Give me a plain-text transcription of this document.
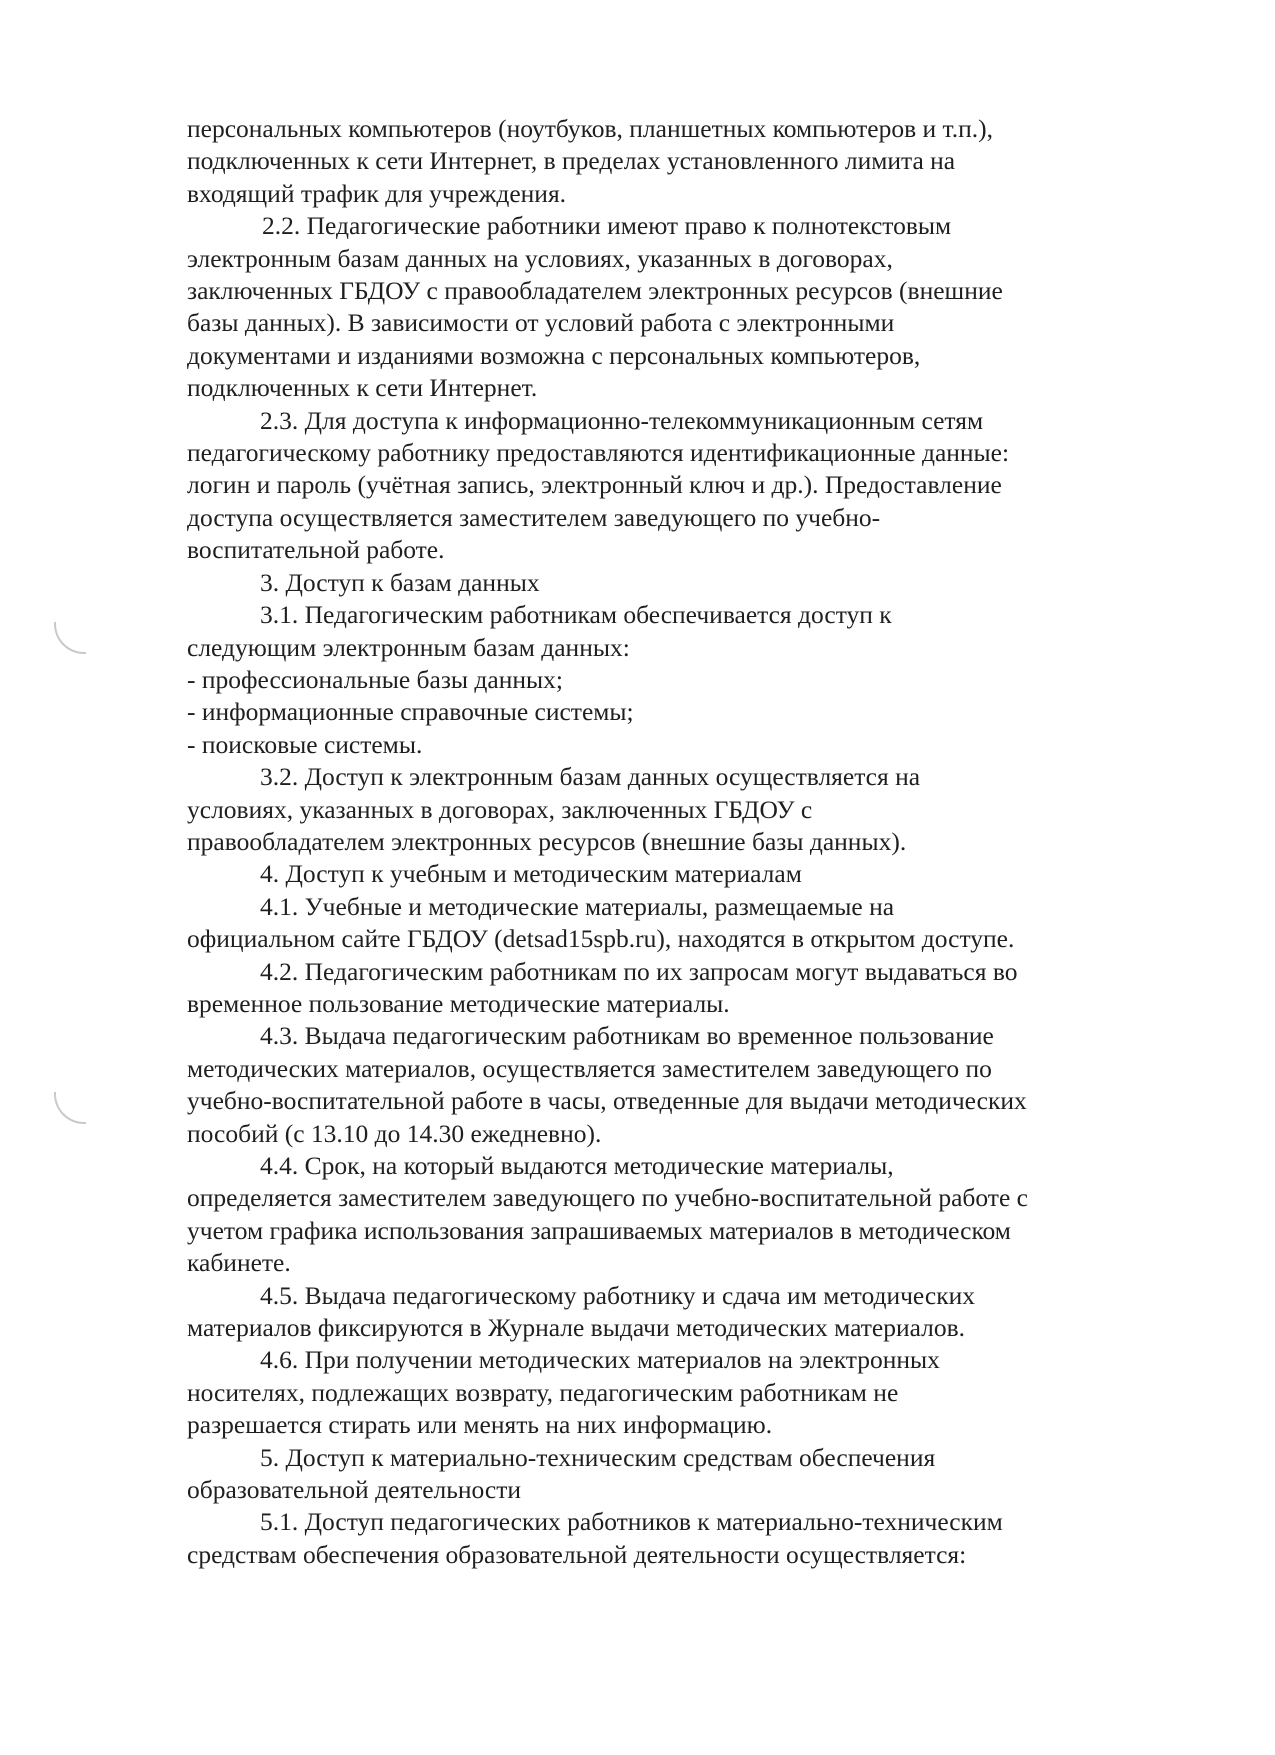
персональных компьютеров (ноутбуков, планшетных компьютеров и т.п.),
подключенных к сети Интернет, в пределах установленного лимита на
входящий трафик для учреждения.
2.2. Педагогические работники имеют право к полнотекстовым
электронным базам данных на условиях, указанных в договорах,
заключенных ГБДОУ с правообладателем электронных ресурсов (внешние
базы данных). В зависимости от условий работа с электронными
документами и изданиями возможна с персональных компьютеров,
подключенных к сети Интернет.
2.3. Для доступа к информационно-телекоммуникационным сетям
педагогическому работнику предоставляются идентификационные данные:
логин и пароль (учётная запись, электронный ключ и др.). Предоставление
доступа осуществляется заместителем заведующего по учебно-
воспитательной работе.
3. Доступ к базам данных
3.1. Педагогическим работникам обеспечивается доступ к
следующим электронным базам данных:
- профессиональные базы данных;
- информационные справочные системы;
- поисковые системы.
3.2. Доступ к электронным базам данных осуществляется на
условиях, указанных в договорах, заключенных ГБДОУ с
правообладателем электронных ресурсов (внешние базы данных).
4. Доступ к учебным и методическим материалам
4.1. Учебные и методические материалы, размещаемые на
официальном сайте ГБДОУ (detsad15spb.ru), находятся в открытом доступе.
4.2. Педагогическим работникам по их запросам могут выдаваться во
временное пользование методические материалы.
4.3. Выдача педагогическим работникам во временное пользование
методических материалов, осуществляется заместителем заведующего по
учебно-воспитательной работе в часы, отведенные для выдачи методических
пособий (с 13.10 до 14.30 ежедневно).
4.4. Срок, на который выдаются методические материалы,
определяется заместителем заведующего по учебно-воспитательной работе с
учетом графика использования запрашиваемых материалов в методическом
кабинете.
4.5. Выдача педагогическому работнику и сдача им методических
материалов фиксируются в Журнале выдачи методических материалов.
4.6. При получении методических материалов на электронных
носителях, подлежащих возврату, педагогическим работникам не
разрешается стирать или менять на них информацию.
5. Доступ к материально-техническим средствам обеспечения
образовательной деятельности
5.1. Доступ педагогических работников к материально-техническим
средствам обеспечения образовательной деятельности осуществляется:
